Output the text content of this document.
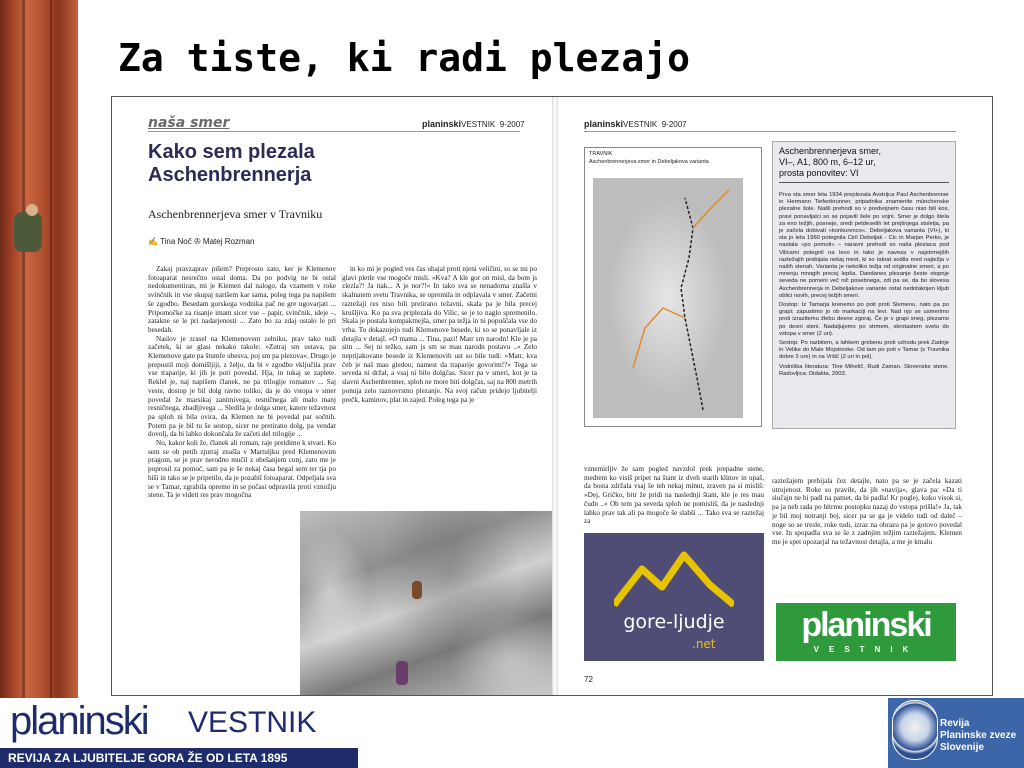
Za tiste, ki radi plezajo
naša smer	planinskiVESTNIK 9-2007
Kako sem plezala
Aschenbrennerja
Aschenbrennerjeva smer v Travniku
✍ Tina Noč ✇ Matej Rozman

Zakaj pravzaprav pišem? Preprosto zato, ker je Klemenov fotoaparat nesrečno ostal doma. Da po podvig ne bi ostal nedokumentiran, mi je Klemen dal nalogo, da vzamem v roke svinčnik in vse skupaj narišem kar sama, poleg tega pa napišem še zgodbo. Besedam gorskega vodnika pač ne gre ugovarjati ... Pripomočke za risanje imam sicer vse – papir, svinčnik, ideje –, zatakne se le pri nadarjenosti ... Zato bo za zdaj ostalo le pri besedah.

Naslov je zrasel na Klemenovem zelniku, prav tako tudi začetek, ki se glasi nekako takole: »Zutraj sm ustava, pa Klemenove gate pa štumfe ubesva, poj sm pa plezova«. Drugo je prepustil moji domišljiji, z željo, da bi v zgodbo vključila prav vse traparije, ki jih je poti povedal. Hja, in tukaj se zaplete. Reklel je, naj napišem članek, ne pa trilogije romanov ... Saj veste, dostop je bil dolg ravno toliko, da je do vstopa v smer povedal že marsikaj zanimivega, resničnega ali malo manj resničnega, zbadljivega ... Sledila je dolga smer, katere težavnost pa sploh ni bila ovira, da Klemen ne bi povedal par sočnih. Potem pa je bil tu še sestop, sicer ne pretirano dolg, pa vendar dovolj, da bi lahko dokončala že začeti del trilogije ...

No, kakor koli že, članek ali roman, raje preidimo k stvari. Ko sem se ob petih zjutraj znašla v Martuljku pred Klemenovim pragom, se je prav nerodno mučil z obešanjem cunj, zato me je poprosil za pomoč, sam pa je še nekaj časa begal sem ter tja po hiši in tako se je pripetilo, da je pozabil fotoaparat. Odpeljala sva se v Tamar, zgrabila opremo in se počasi odpravila proti vznožju stene. Ta je videti res prav mogočna

in ko mi je pogled ves čas uhajal proti njeni veličini, so se mi po glavi pletle vse mogoče misli. »Kva? A kle gor on misl, da bom js zlezla?! Ja itak... A je nor?!« In tako sva se nenadoma znašla v skalnatem svetu Travnika, se opremila in odplavala v smer. Začetni raztežaji res niso bili pretirano težavni, skala pa je bila precej krušljiva. Ko pa sva priplezala do Vilic, se je to naglo spremenilo. Skala je postala kompaktnejša, smer pa težja in ni popuščala vse do vrha. To dokazujejo tudi Klemenove besede, ki so se ponavljale iz detajla v detajl. »O mama ... Tina, pazi! Matr sm narodn! Kle je pa sitn ... Sej ni težko, sam js sm se mau narodn postavu ..« Zelo neprijakovane besede iz Klemenovih ust so bile tudi: »Matr, kva čeb je naš mau gledou; namest da traparije govorim!?« Tega se seveda ni držal, a vsaj ni bilo dolgčas. Sicer pa v smeri, kot je ta slavni Aschenbrenner, sploh ne more biti dolgčas, saj na 800 metrih ponuja zelo raznovrstno plezanje. Na svoj račun pridejo ljubitelji prečk, kaminov, plat in zajed. Poleg tega pa je

planinskiVESTNIK 9-2007
TRAVNIK
Aschenbrennerjeva smer in Debeljakova varianta
Aschenbrennerjeva smer,
VI–, A1, 800 m, 6–12 ur,
prosta ponovitev: VI

Prva sta smer leta 1934 preplezala Avstrijca Paul Aschenbrenner in Hermann Tiefenbrunner, pripadnika znamenite münchenske plezalne šole. Našli prehodi so v predvojnem času niso bili kos, pravi ponavljalci so se pojavili šele po vojni. Smer je dolgo štela za eno težjih, posneje, sredi petdesetih let prejšnjega stoletja, pa je začela dobivati »konkurenco«. Debeljakova varianta (VI+), ki sta jo leta 1960 potegnila Ciril Debeljak - Cic in Marjan Perko, je nastala »po pomoti« – naravni prehodi so naša pleziaca pod Vilicami potegnil na levo in tako je naveza v najstrmejših raztežajih prebijala nekaj mest, ki so takrat sodila med najtežja v naših stenah. Varianta je nekoliko težja od originalne smeri, a po mnenju mnogih precej lepša. Dandanes plezanje šeste stopnje seveda ne pomeni več nič posebnega, zdi pa se, da bo slovesa Aschenbrennerja in Debeljakove variante ostal nedotaknjen kljub oblici novih, precej težjih smeri.

Dostop: Iz Tamarja krenemo po poti proti Slemenu, nato pa po grapi; zapustimo jo ob markaciji na levi. Nad njo se usmerimo proti izrazitemu žlebu desno zgoraj. Če je v grapi sneg, plezamo po desni steni. Nadaljujemo po strmem, skrotastem svetu do vstopa v smer (2 uri).

Sestop: Po razbitem, a lahkem grebenu proti vzhodu prek Zadnje in Velike do Male Mojstrovke. Od tam po poti v Tamar (s Travnika dobre 3 ure) in na Vršič (2 uri in pol).

Vodniška literatura: Tine Mihelič, Rudi Zaman. Slovenske stene. Radovljica: Didakta, 2003.

vznemirljiv že sam pogled navzdol prek prepadne stene, medtem ko visiš pripet na štant iz dveh starih klinov in upaš, da bosta zdržala vsaj še teh nekaj minut, zraven pa si misliš: »Dej, Gričko, bitr že pridi na naslednji štant, kle je res mau čudn ..« Ob tem pa seveda sploh ne pomisliš, da je naslednji lahko prav tak ali pa mogoče še slabši ... Tako sva se raztežaj za
raztežajem prebijala čez detajle, nato pa se je začela kazati utrujenost. Roke so pravile, da jih »navija«, glava pa: »Da ti slučajn ne bi padl na pamet, da bi padla! Kr poglej, kuko visok si, pa ja neb rada po hitrmu postopku nazaj do vstopa prišla!« Ja, tak je bil moj notranji boj, sicer pa se ga je videlo tudi od daleč – noge so se tresle, roke tudi, izraz na obrazu pa je gotovo povedal vse. In spopadla sva se še z zadnjim težjim raztežajem. Klemen me je spet opozarjal na težavnost detajla, a me je kmalu
gore-ljudje
.net	planinski
VESTNIK
72
planinski VESTNIK
REVIJA ZA LJUBITELJE GORA ŽE OD LETA 1895
Revija
Planinske zveze
Slovenije
